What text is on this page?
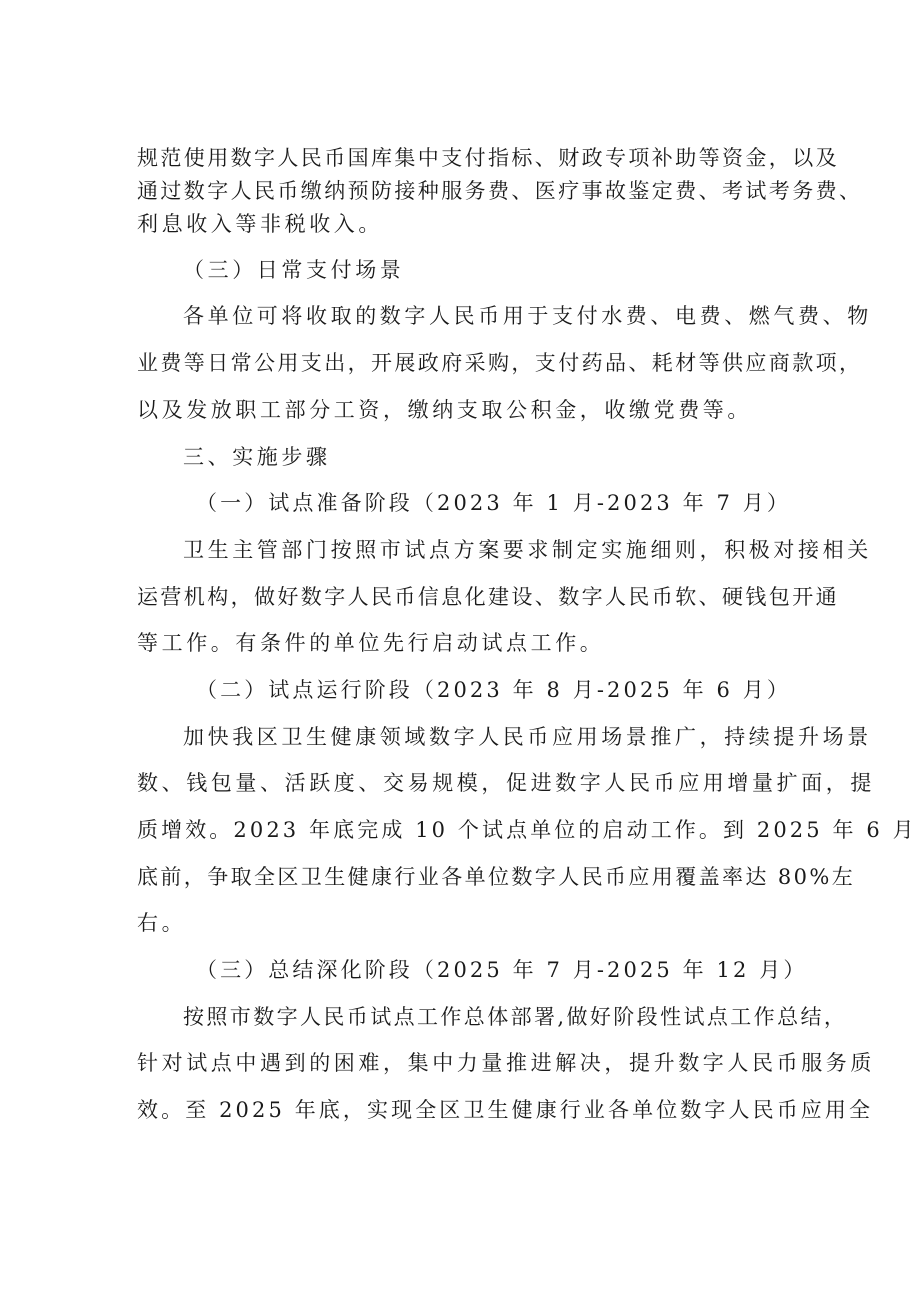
规范使用数字人民币国库集中支付指标、财政专项补助等资金，以及
通过数字人民币缴纳预防接种服务费、医疗事故鉴定费、考试考务费、
利息收入等非税收入。
（三）日常支付场景
各单位可将收取的数字人民币用于支付水费、电费、燃气费、物
业费等日常公用支出，开展政府采购，支付药品、耗材等供应商款项，
以及发放职工部分工资，缴纳支取公积金，收缴党费等。
三、实施步骤
（一）试点准备阶段（2023 年 1 月-2023 年 7 月）
卫生主管部门按照市试点方案要求制定实施细则，积极对接相关
运营机构，做好数字人民币信息化建设、数字人民币软、硬钱包开通
等工作。有条件的单位先行启动试点工作。
（二）试点运行阶段（2023 年 8 月-2025 年 6 月）
加快我区卫生健康领域数字人民币应用场景推广，持续提升场景
数、钱包量、活跃度、交易规模，促进数字人民币应用增量扩面，提
质增效。2023 年底完成 10 个试点单位的启动工作。到 2025 年 6 月
底前，争取全区卫生健康行业各单位数字人民币应用覆盖率达 80%左
右。
（三）总结深化阶段（2025 年 7 月-2025 年 12 月）
按照市数字人民币试点工作总体部署,做好阶段性试点工作总结，
针对试点中遇到的困难，集中力量推进解决，提升数字人民币服务质
效。至 2025 年底，实现全区卫生健康行业各单位数字人民币应用全
